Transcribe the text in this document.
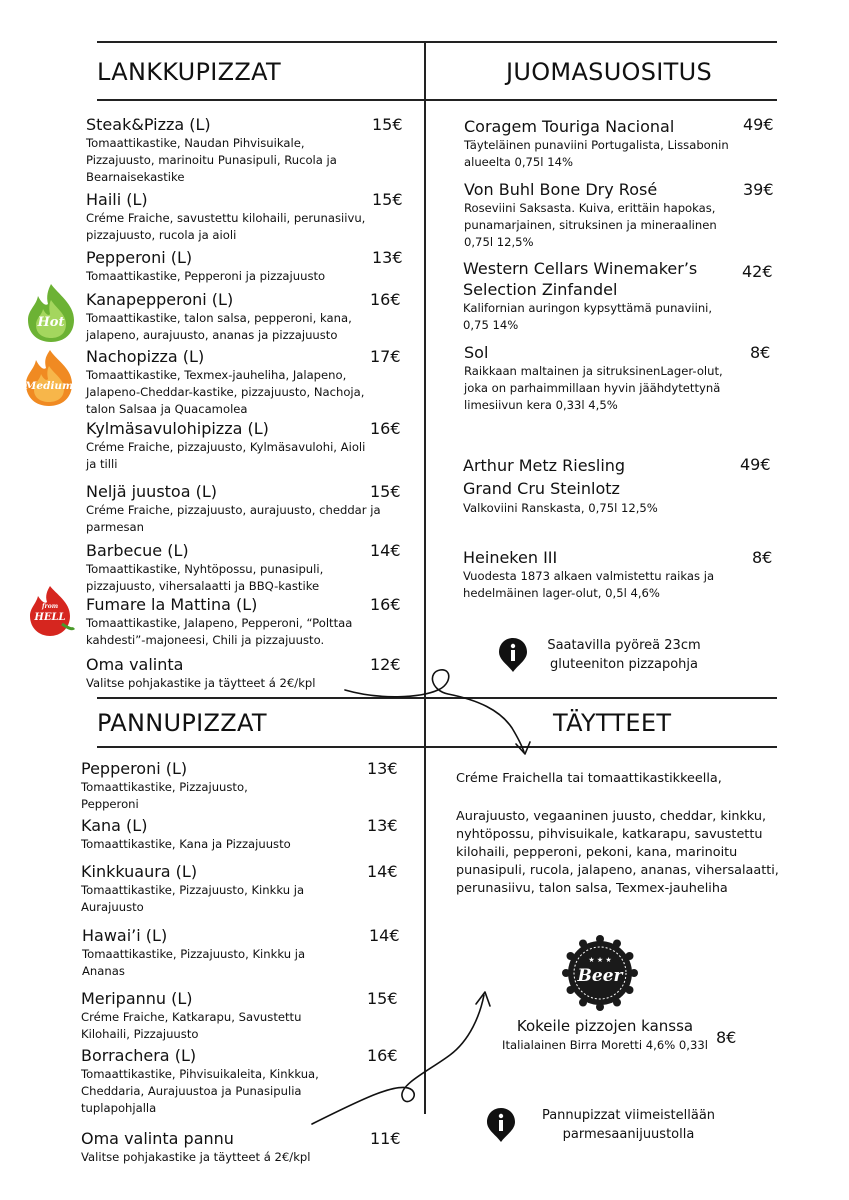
LANKKUPIZZAT	JUOMASUOSITUS
PANNUPIZZAT	TÄYTTEET
Steak&Pizza (L)
Tomaattikastike, Naudan Pihvisuikale, Pizzajuusto, marinoitu Punasipuli, Rucola ja Bearnaisekastike
15€
Haili (L)
Créme Fraiche, savustettu kilohaili, perunasiivu, pizzajuusto, rucola ja aioli
15€
Pepperoni (L)
Tomaattikastike, Pepperoni ja pizzajuusto
13€
Kanapepperoni (L)
Tomaattikastike, talon salsa, pepperoni, kana, jalapeno, aurajuusto, ananas ja pizzajuusto
16€
Nachopizza (L)
Tomaattikastike, Texmex-jauheliha, Jalapeno, Jalapeno-Cheddar-kastike, pizzajuusto, Nachoja, talon Salsaa ja Quacamolea
17€
Kylmäsavulohipizza (L)
Créme Fraiche, pizzajuusto, Kylmäsavulohi, Aioli ja tilli
16€
Neljä juustoa (L)
Créme Fraiche, pizzajuusto, aurajuusto, cheddar ja parmesan
15€
Barbecue (L)
Tomaattikastike, Nyhtöpossu, punasipuli, pizzajuusto, vihersalaatti ja BBQ-kastike
14€
Fumare la Mattina (L)
Tomaattikastike, Jalapeno, Pepperoni, “Polttaa kahdesti”-majoneesi, Chili ja pizzajuusto.
16€
Oma valinta
Valitse pohjakastike ja täytteet á 2€/kpl
12€
Hot
Medium
from
HELL
Coragem Touriga Nacional
Täyteläinen punaviini Portugalista, Lissabonin alueelta 0,75l 14%
49€
Von Buhl Bone Dry Rosé
Roseviini Saksasta. Kuiva, erittäin hapokas, punamarjainen, sitruksinen ja mineraalinen 0,75l 12,5%
39€
Western Cellars Winemaker’s Selection Zinfandel
Kalifornian auringon kypsyttämä punaviini, 0,75 14%
42€
Sol
Raikkaan maltainen ja sitruksinenLager-olut, joka on parhaimmillaan hyvin jäähdytettynä limesiivun kera 0,33l 4,5%
8€
Arthur Metz Riesling Grand Cru Steinlotz
Valkoviini Ranskasta, 0,75l 12,5%
49€
Heineken III
Vuodesta 1873 alkaen valmistettu raikas ja hedelmäinen lager-olut, 0,5l 4,6%
8€
Saatavilla pyöreä 23cm gluteeniton pizzapohja
Pepperoni (L)
Tomaattikastike, Pizzajuusto, Pepperoni
13€
Kana (L)
Tomaattikastike, Kana ja Pizzajuusto
13€
Kinkkuaura (L)
Tomaattikastike, Pizzajuusto, Kinkku ja Aurajuusto
14€
Hawai’i (L)
Tomaattikastike, Pizzajuusto, Kinkku ja Ananas
14€
Meripannu (L)
Créme Fraiche, Katkarapu, Savustettu Kilohaili, Pizzajuusto
15€
Borrachera (L)
Tomaattikastike, Pihvisuikaleita, Kinkkua, Cheddaria, Aurajuustoa ja Punasipulia tuplapohjalla
16€
Oma valinta pannu
Valitse pohjakastike ja täytteet á 2€/kpl
11€
Créme Fraichella tai tomaattikastikkeella,
Aurajuusto, vegaaninen juusto, cheddar, kinkku, nyhtöpossu, pihvisuikale, katkarapu, savustettu kilohaili, pepperoni, pekoni, kana, marinoitu punasipuli, rucola, jalapeno, ananas, vihersalaatti, perunasiivu, talon salsa, Texmex-jauheliha
★ ★ ★
Beer
Kokeile pizzojen kanssa
Italialainen Birra Moretti 4,6% 0,33l 8€
Pannupizzat viimeistellään parmesaanijuustolla
